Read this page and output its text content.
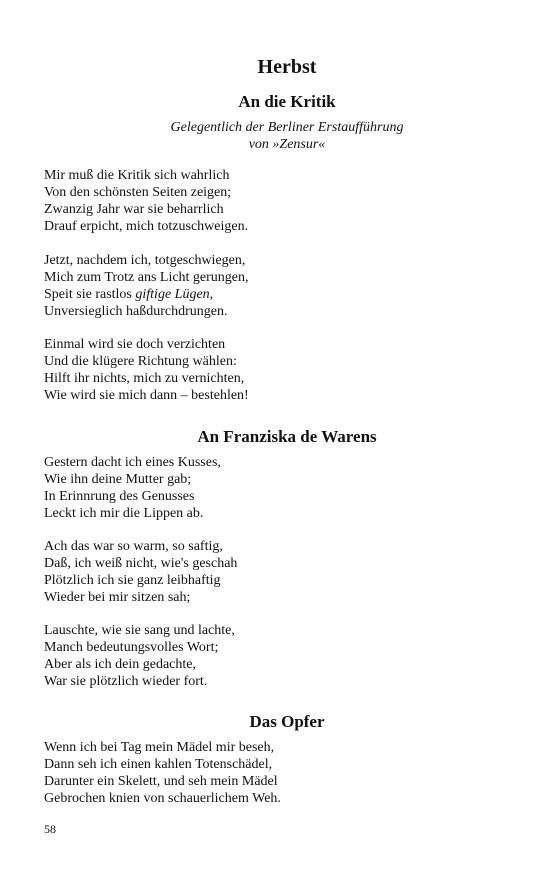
Herbst
An die Kritik
Gelegentlich der Berliner Erstaufführung
von »Zensur«
Mir muß die Kritik sich wahrlich
Von den schönsten Seiten zeigen;
Zwanzig Jahr war sie beharrlich
Drauf erpicht, mich totzuschweigen.
Jetzt, nachdem ich, totgeschwiegen,
Mich zum Trotz ans Licht gerungen,
Speit sie rastlos giftige Lügen,
Unversieglich haßdurchdrungen.
Einmal wird sie doch verzichten
Und die klügere Richtung wählen:
Hilft ihr nichts, mich zu vernichten,
Wie wird sie mich dann – bestehlen!
An Franziska de Warens
Gestern dacht ich eines Kusses,
Wie ihn deine Mutter gab;
In Erinnrung des Genusses
Leckt ich mir die Lippen ab.
Ach das war so warm, so saftig,
Daß, ich weiß nicht, wie's geschah
Plötzlich ich sie ganz leibhaftig
Wieder bei mir sitzen sah;
Lauschte, wie sie sang und lachte,
Manch bedeutungsvolles Wort;
Aber als ich dein gedachte,
War sie plötzlich wieder fort.
Das Opfer
Wenn ich bei Tag mein Mädel mir beseh,
Dann seh ich einen kahlen Totenschädel,
Darunter ein Skelett, und seh mein Mädel
Gebrochen knien von schauerlichem Weh.

58
